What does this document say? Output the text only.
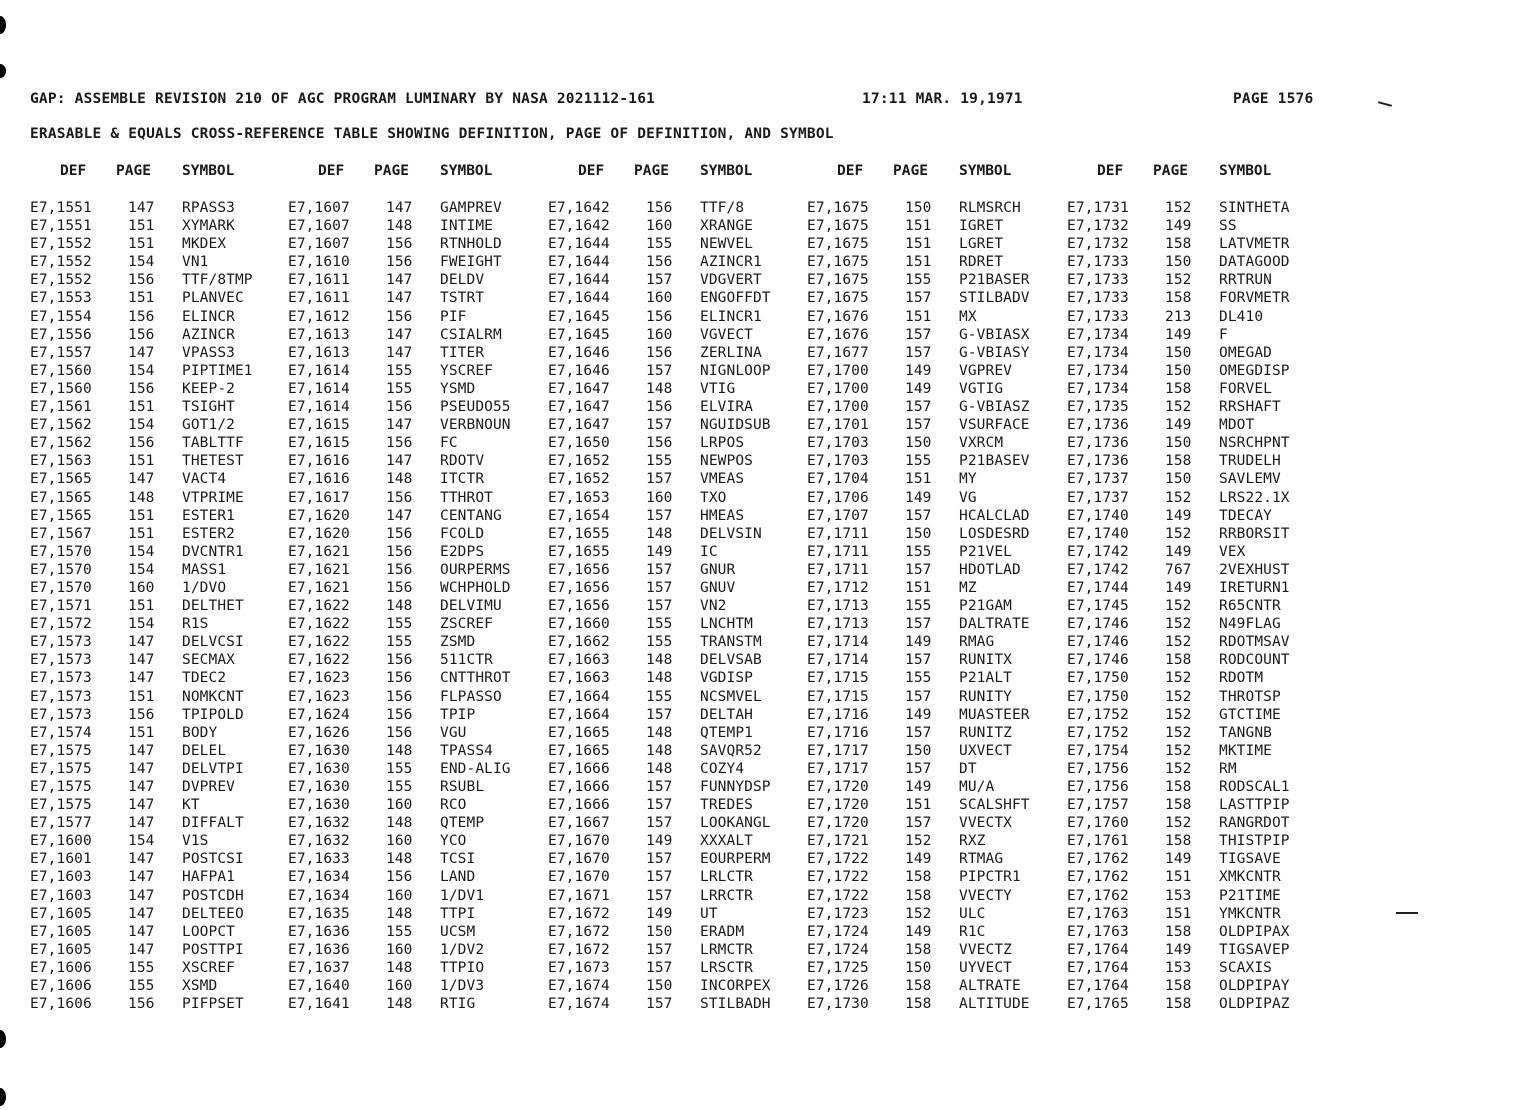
GAP: ASSEMBLE REVISION 210 OF AGC PROGRAM LUMINARY BY NASA 2021112-161	17:11 MAR. 19,1971	PAGE 1576
ERASABLE & EQUALS CROSS-REFERENCE TABLE SHOWING DEFINITION, PAGE OF DEFINITION, AND SYMBOL
DEF PAGE SYMBOL	DEF PAGE SYMBOL	DEF PAGE SYMBOL	DEF PAGE SYMBOL	DEF PAGE SYMBOL
E7,1551 147 RPASS3	E7,1607 147 GAMPREV	E7,1642 156 TTF/8	E7,1675 150 RLMSRCH	E7,1731 152 SINTHETA
E7,1551 151 XYMARK	E7,1607 148 INTIME	E7,1642 160 XRANGE	E7,1675 151 IGRET	E7,1732 149 SS
E7,1552 151 MKDEX	E7,1607 156 RTNHOLD	E7,1644 155 NEWVEL	E7,1675 151 LGRET	E7,1732 158 LATVMETR
E7,1552 154 VN1	E7,1610 156 FWEIGHT	E7,1644 156 AZINCR1	E7,1675 151 RDRET	E7,1733 150 DATAGOOD
E7,1552 156 TTF/8TMP E7,1611 147 DELDV	E7,1644 157 VDGVERT	E7,1675 155 P21BASER	E7,1733 152 RRTRUN
E7,1553 151 PLANVEC	E7,1611 147 TSTRT	E7,1644 160 ENGOFFDT	E7,1675 157 STILBADV	E7,1733 158 FORVMETR
E7,1554 156 ELINCR	E7,1612 156 PIF	E7,1645 156 ELINCR1	E7,1676 151 MX	E7,1733 213 DL410
E7,1556 156 AZINCR	E7,1613 147 CSIALRM	E7,1645 160 VGVECT	E7,1676 157 G-VBIASX	E7,1734 149 F
E7,1557 147 VPASS3	E7,1613 147 TITER	E7,1646 156 ZERLINA	E7,1677 157 G-VBIASY	E7,1734 150 OMEGAD
E7,1560 154 PIPTIME1 E7,1614 155 YSCREF	E7,1646 157 NIGNLOOP	E7,1700 149 VGPREV	E7,1734 150 OMEGDISP
E7,1560 156 KEEP-2	E7,1614 155 YSMD	E7,1647 148 VTIG	E7,1700 149 VGTIG	E7,1734 158 FORVEL
E7,1561 151 TSIGHT	E7,1614 156 PSEUDO55	E7,1647 156 ELVIRA	E7,1700 157 G-VBIASZ	E7,1735 152 RRSHAFT
E7,1562 154 GOT1/2	E7,1615 147 VERBNOUN	E7,1647 157 NGUIDSUB	E7,1701 157 VSURFACE	E7,1736 149 MDOT
E7,1562 156 TABLTTF	E7,1615 156 FC	E7,1650 156 LRPOS	E7,1703 150 VXRCM	E7,1736 150 NSRCHPNT
E7,1563 151 THETEST	E7,1616 147 RDOTV	E7,1652 155 NEWPOS	E7,1703 155 P21BASEV	E7,1736 158 TRUDELH
E7,1565 147 VACT4	E7,1616 148 ITCTR	E7,1652 157 VMEAS	E7,1704 151 MY	E7,1737 150 SAVLEMV
E7,1565 148 VTPRIME	E7,1617 156 TTHROT	E7,1653 160 TXO	E7,1706 149 VG	E7,1737 152 LRS22.1X
E7,1565 151 ESTER1	E7,1620 147 CENTANG	E7,1654 157 HMEAS	E7,1707 157 HCALCLAD	E7,1740 149 TDECAY
E7,1567 151 ESTER2	E7,1620 156 FCOLD	E7,1655 148 DELVSIN	E7,1711 150 LOSDESRD	E7,1740 152 RRBORSIT
E7,1570 154 DVCNTR1	E7,1621 156 E2DPS	E7,1655 149 IC	E7,1711 155 P21VEL	E7,1742 149 VEX
E7,1570 154 MASS1	E7,1621 156 OURPERMS	E7,1656 157 GNUR	E7,1711 157 HDOTLAD	E7,1742 767 2VEXHUST
E7,1570 160 1/DVO	E7,1621 156 WCHPHOLD	E7,1656 157 GNUV	E7,1712 151 MZ	E7,1744 149 IRETURN1
E7,1571 151 DELTHET	E7,1622 148 DELVIMU	E7,1656 157 VN2	E7,1713 155 P21GAM	E7,1745 152 R65CNTR
E7,1572 154 R1S	E7,1622 155 ZSCREF	E7,1660 155 LNCHTM	E7,1713 157 DALTRATE	E7,1746 152 N49FLAG
E7,1573 147 DELVCSI	E7,1622 155 ZSMD	E7,1662 155 TRANSTM	E7,1714 149 RMAG	E7,1746 152 RDOTMSAV
E7,1573 147 SECMAX	E7,1622 156 511CTR	E7,1663 148 DELVSAB	E7,1714 157 RUNITX	E7,1746 158 RODCOUNT
E7,1573 147 TDEC2	E7,1623 156 CNTTHROT	E7,1663 148 VGDISP	E7,1715 155 P21ALT	E7,1750 152 RDOTM
E7,1573 151 NOMKCNT	E7,1623 156 FLPASSO	E7,1664 155 NCSMVEL	E7,1715 157 RUNITY	E7,1750 152 THROTSP
E7,1573 156 TPIPOLD	E7,1624 156 TPIP	E7,1664 157 DELTAH	E7,1716 149 MUASTEER	E7,1752 152 GTCTIME
E7,1574 151 BODY	E7,1626 156 VGU	E7,1665 148 QTEMP1	E7,1716 157 RUNITZ	E7,1752 152 TANGNB
E7,1575 147 DELEL	E7,1630 148 TPASS4	E7,1665 148 SAVQR52	E7,1717 150 UXVECT	E7,1754 152 MKTIME
E7,1575 147 DELVTPI	E7,1630 155 END-ALIG	E7,1666 148 COZY4	E7,1717 157 DT	E7,1756 152 RM
E7,1575 147 DVPREV	E7,1630 155 RSUBL	E7,1666 157 FUNNYDSP	E7,1720 149 MU/A	E7,1756 158 RODSCAL1
E7,1575 147 KT	E7,1630 160 RCO	E7,1666 157 TREDES	E7,1720 151 SCALSHFT	E7,1757 158 LASTTPIP
E7,1577 147 DIFFALT	E7,1632 148 QTEMP	E7,1667 157 LOOKANGL	E7,1720 157 VVECTX	E7,1760 152 RANGRDOT
E7,1600 154 V1S	E7,1632 160 YCO	E7,1670 149 XXXALT	E7,1721 152 RXZ	E7,1761 158 THISTPIP
E7,1601 147 POSTCSI	E7,1633 148 TCSI	E7,1670 157 EOURPERM	E7,1722 149 RTMAG	E7,1762 149 TIGSAVE
E7,1603 147 HAFPA1	E7,1634 156 LAND	E7,1670 157 LRLCTR	E7,1722 158 PIPCTR1	E7,1762 151 XMKCNTR
E7,1603 147 POSTCDH	E7,1634 160 1/DV1	E7,1671 157 LRRCTR	E7,1722 158 VVECTY	E7,1762 153 P21TIME
E7,1605 147 DELTEEO	E7,1635 148 TTPI	E7,1672 149 UT	E7,1723 152 ULC	E7,1763 151 YMKCNTR
E7,1605 147 LOOPCT	E7,1636 155 UCSM	E7,1672 150 ERADM	E7,1724 149 R1C	E7,1763 158 OLDPIPAX
E7,1605 147 POSTTPI	E7,1636 160 1/DV2	E7,1672 157 LRMCTR	E7,1724 158 VVECTZ	E7,1764 149 TIGSAVEP
E7,1606 155 XSCREF	E7,1637 148 TTPIO	E7,1673 157 LRSCTR	E7,1725 150 UYVECT	E7,1764 153 SCAXIS
E7,1606 155 XSMD	E7,1640 160 1/DV3	E7,1674 150 INCORPEX	E7,1726 158 ALTRATE	E7,1764 158 OLDPIPAY
E7,1606 156 PIFPSET	E7,1641 148 RTIG	E7,1674 157 STILBADH	E7,1730 158 ALTITUDE	E7,1765 158 OLDPIPAZ
